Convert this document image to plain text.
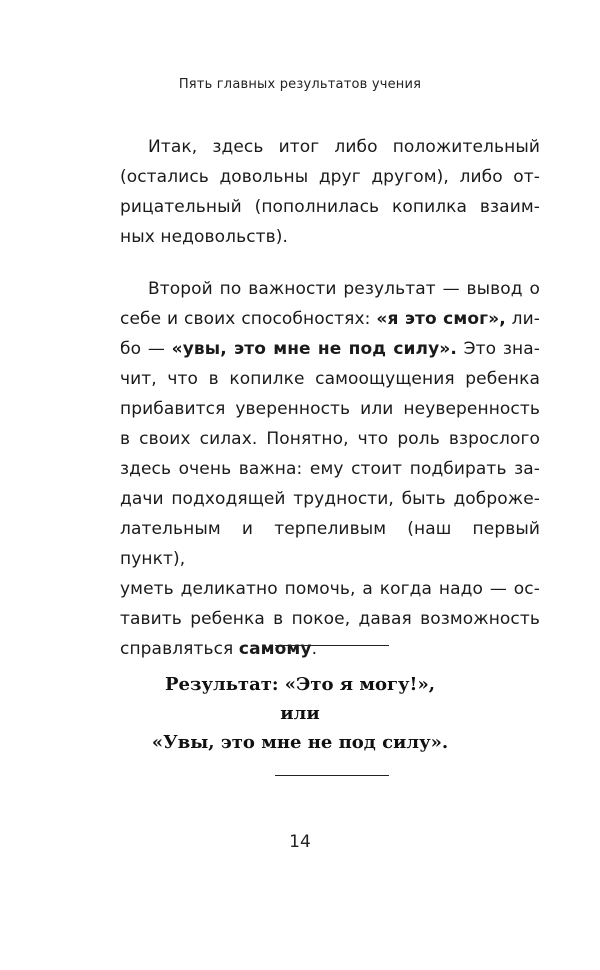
Пять главных результатов учения
Итак, здесь итог либо положительный
(остались довольны друг другом), либо от-
рицательный (пополнилась копилка взаим-
ных недовольств).
Второй по важности результат — вывод о
себе и своих способностях: «я это смог», ли-
бо — «увы, это мне не под силу». Это зна-
чит, что в копилке самоощущения ребенка
прибавится уверенность или неуверенность
в своих силах. Понятно, что роль взрослого
здесь очень важна: ему стоит подбирать за-
дачи подходящей трудности, быть доброже-
лательным и терпеливым (наш первый пункт),
уметь деликатно помочь, а когда надо — ос-
тавить ребенка в покое, давая возможность
справляться самому.
Результат: «Это я могу!»,
или
«Увы, это мне не под силу».
14
